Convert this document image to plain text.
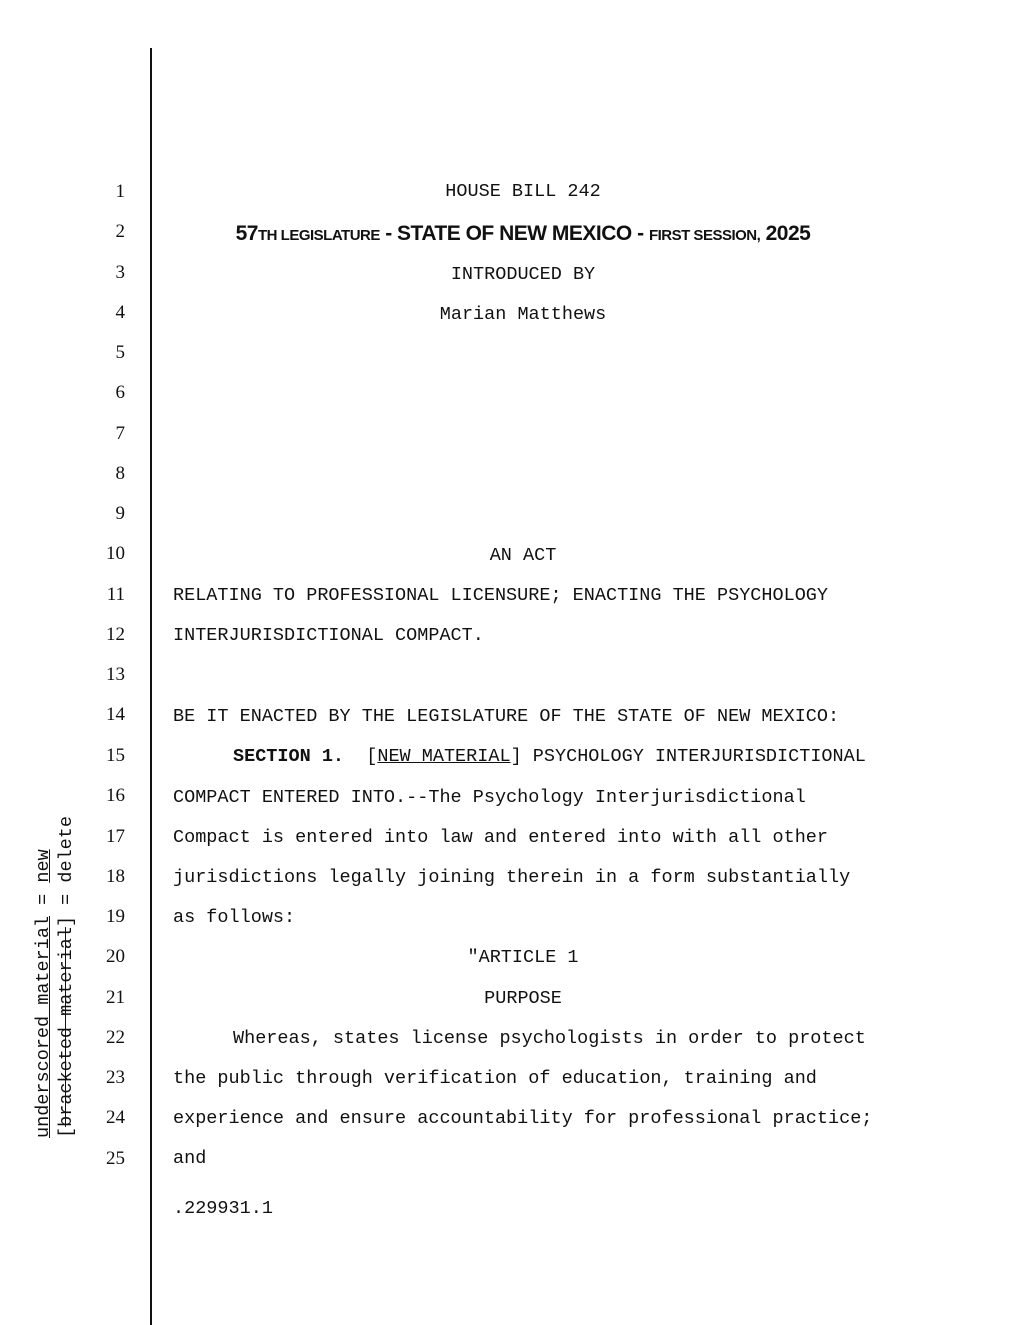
underscored material = new
[bracketed material] = delete
1
2
3
4
5
6
7
8
9
10
11
12
13
14
15
16
17
18
19
20
21
22
23
24
25
HOUSE BILL 242
57TH LEGISLATURE - STATE OF NEW MEXICO - FIRST SESSION, 2025
INTRODUCED BY
Marian Matthews
AN ACT
RELATING TO PROFESSIONAL LICENSURE; ENACTING THE PSYCHOLOGY
INTERJURISDICTIONAL COMPACT.
BE IT ENACTED BY THE LEGISLATURE OF THE STATE OF NEW MEXICO:
SECTION 1.  [NEW MATERIAL] PSYCHOLOGY INTERJURISDICTIONAL
COMPACT ENTERED INTO.--The Psychology Interjurisdictional
Compact is entered into law and entered into with all other
jurisdictions legally joining therein in a form substantially
as follows:
"ARTICLE 1
PURPOSE
Whereas, states license psychologists in order to protect
the public through verification of education, training and
experience and ensure accountability for professional practice;
and
.229931.1
